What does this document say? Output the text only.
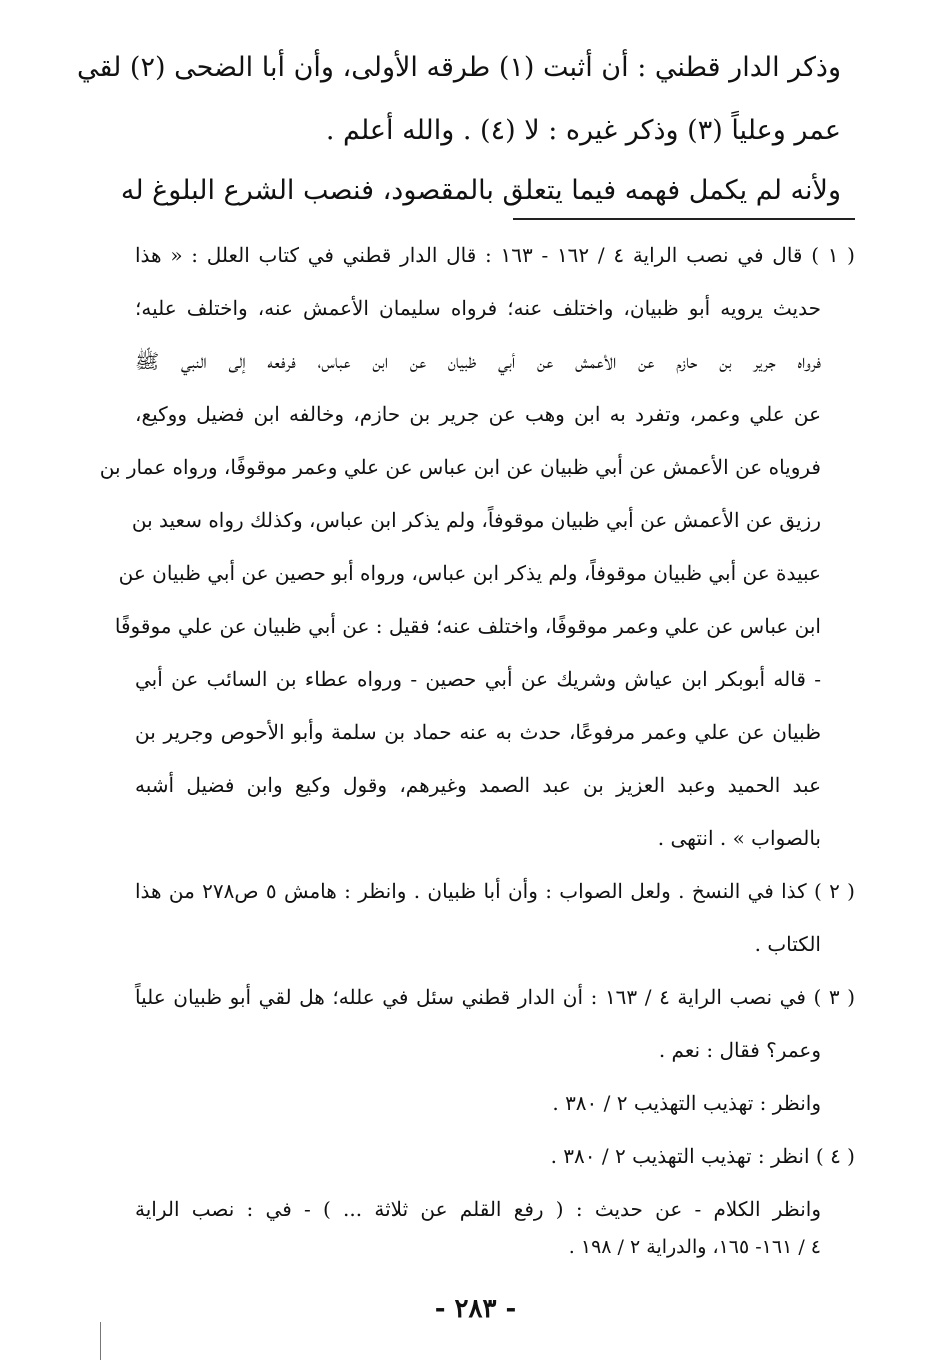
وذكر الدار قطني : أن أثبت (١) طرقه الأولى، وأن أبا الضحى (٢) لقي
عمر وعلياً (٣) وذكر غيره : لا (٤) . والله أعلم .
ولأنه لم يكمل فهمه فيما يتعلق بالمقصود، فنصب الشرع البلوغ له
( ١ ) قال في نصب الراية ٤ / ١٦٢ - ١٦٣ : قال الدار قطني في كتاب العلل : « هذا
حديث يرويه أبو ظبيان، واختلف عنه؛ فرواه سليمان الأعمش عنه، واختلف عليه؛
فرواه جرير بن حازم عن الأعمش عن أبي ظبيان عن ابن عباس، فرفعه إلى النبي ﷺ
عن علي وعمر، وتفرد به ابن وهب عن جرير بن حازم، وخالفه ابن فضيل ووكيع،
فروياه عن الأعمش عن أبي ظبيان عن ابن عباس عن علي وعمر موقوفًا، ورواه عمار بن
رزيق عن الأعمش عن أبي ظبيان موقوفاً، ولم يذكر ابن عباس، وكذلك رواه سعيد بن
عبيدة عن أبي ظبيان موقوفاً، ولم يذكر ابن عباس، ورواه أبو حصين عن أبي ظبيان عن
ابن عباس عن علي وعمر موقوفًا، واختلف عنه؛ فقيل : عن أبي ظبيان عن علي موقوفًا
- قاله أبوبكر ابن عياش وشريك عن أبي حصين - ورواه عطاء بن السائب عن أبي
ظبيان عن علي وعمر مرفوعًا، حدث به عنه حماد بن سلمة وأبو الأحوص وجرير بن
عبد الحميد وعبد العزيز بن عبد الصمد وغيرهم، وقول وكيع وابن فضيل أشبه
بالصواب » . انتهى .
( ٢ ) كذا في النسخ . ولعل الصواب : وأن أبا ظبيان . وانظر : هامش ٥ ص٢٧٨ من هذا
الكتاب .
( ٣ ) في نصب الراية ٤ / ١٦٣ : أن الدار قطني سئل في علله؛ هل لقي أبو ظبيان علياً
وعمر؟ فقال : نعم .
وانظر : تهذيب التهذيب ٢ / ٣٨٠ .
( ٤ ) انظر : تهذيب التهذيب ٢ / ٣٨٠ .
وانظر الكلام - عن حديث : ( رفع القلم عن ثلاثة ... ) - في : نصب الراية
٤ / ١٦١- ١٦٥، والدراية ٢ / ١٩٨ .
- ٢٨٣ -
